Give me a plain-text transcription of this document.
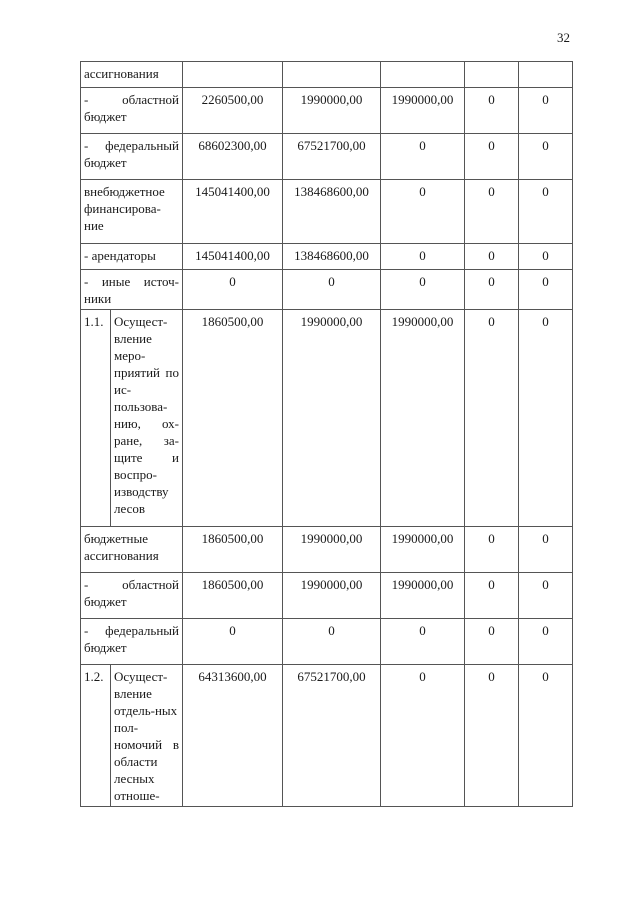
32
ассигнования						
- областной бюджет		2260500,00	1990000,00	1990000,00	0	0
- федеральный бюджет		68602300,00	67521700,00	0	0	0
внебюджетное финансирова-ние		145041400,00	138468600,00	0	0	0
- арендаторы		145041400,00	138468600,00	0	0	0
- иные источ-ники		0	0	0	0	0
1.1.	Осущест-вление меро-приятий по ис-пользова-нию, ох-ране, за-щите и воспро-изводству лесов	1860500,00	1990000,00	1990000,00	0	0
бюджетные ассигнования		1860500,00	1990000,00	1990000,00	0	0
- областной бюджет		1860500,00	1990000,00	1990000,00	0	0
- федеральный бюджет		0	0	0	0	0
1.2.	Осущест-вление отдель-ных пол-номочий в области лесных отноше-	64313600,00	67521700,00	0	0	0
